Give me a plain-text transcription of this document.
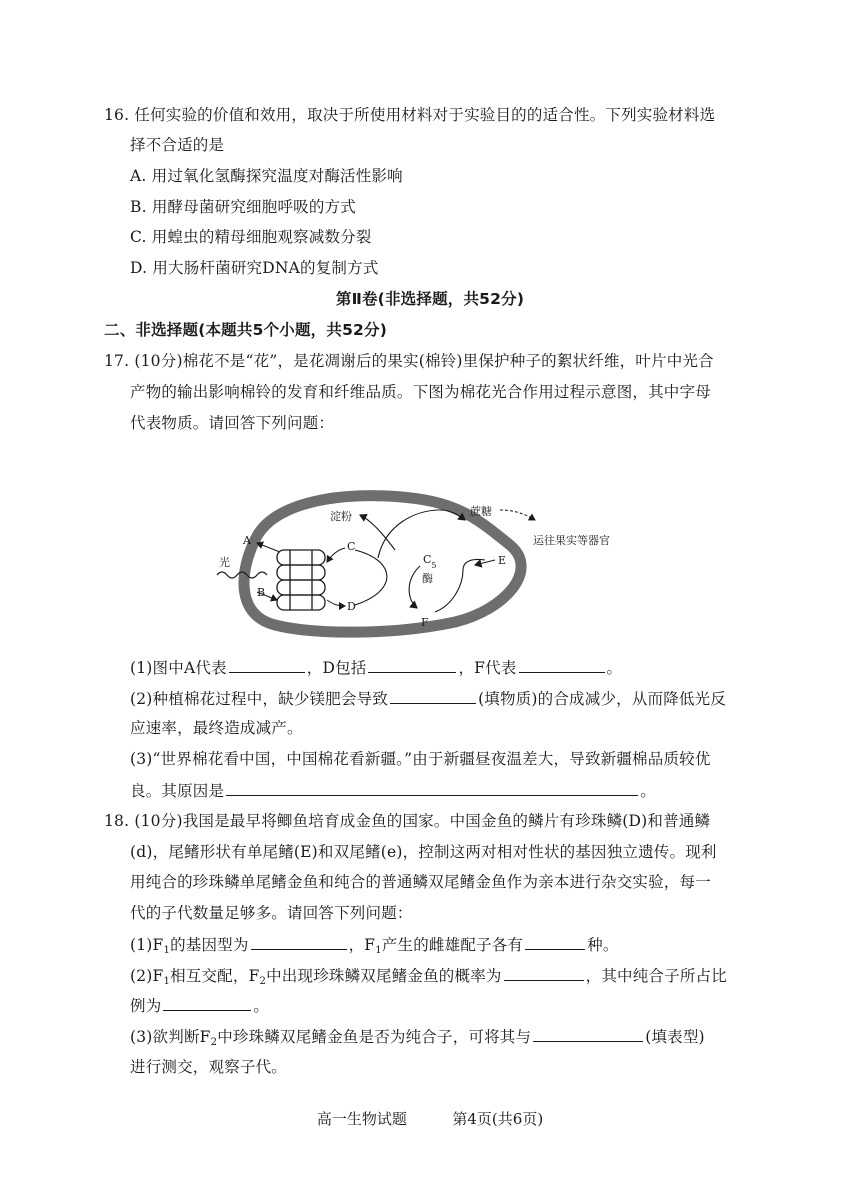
16. 任何实验的价值和效用，取决于所使用材料对于实验目的的适合性。下列实验材料选
择不合适的是
A. 用过氧化氢酶探究温度对酶活性影响
B. 用酵母菌研究细胞呼吸的方式
C. 用蝗虫的精母细胞观察减数分裂
D. 用大肠杆菌研究DNA的复制方式
第Ⅱ卷(非选择题，共52分)
二、非选择题(本题共5个小题，共52分)
17. (10分)棉花不是“花”，是花凋谢后的果实(棉铃)里保护种子的絮状纤维，叶片中光合
产物的输出影响棉铃的发育和纤维品质。下图为棉花光合作用过程示意图，其中字母
代表物质。请回答下列问题：
光
A
B
C
D
淀粉
$C_5$
酶
E
F
蔗糖
运往果实等器官
(1)图中A代表	，D包括	，F代表	。
(2)种植棉花过程中，缺少镁肥会导致	(填物质)的合成减少，从而降低光反
应速率，最终造成减产。
(3)“世界棉花看中国，中国棉花看新疆。”由于新疆昼夜温差大，导致新疆棉品质较优
良。其原因是	。
18. (10分)我国是最早将鲫鱼培育成金鱼的国家。中国金鱼的鳞片有珍珠鳞(D)和普通鳞
(d)，尾鳍形状有单尾鳍(E)和双尾鳍(e)，控制这两对相对性状的基因独立遗传。现利
用纯合的珍珠鳞单尾鳍金鱼和纯合的普通鳞双尾鳍金鱼作为亲本进行杂交实验，每一
代的子代数量足够多。请回答下列问题：
$(1)F_1$的基因型为	，$F_1$产生的雌雄配子各有	种。
$(2)F_1$相互交配，$F_2$中出现珍珠鳞双尾鳍金鱼的概率为	，其中纯合子所占比
例为	。
(3)欲判断$F_2$中珍珠鳞双尾鳍金鱼是否为纯合子，可将其与	(填表型)
进行测交，观察子代。
高一生物试题	第4页(共6页)
